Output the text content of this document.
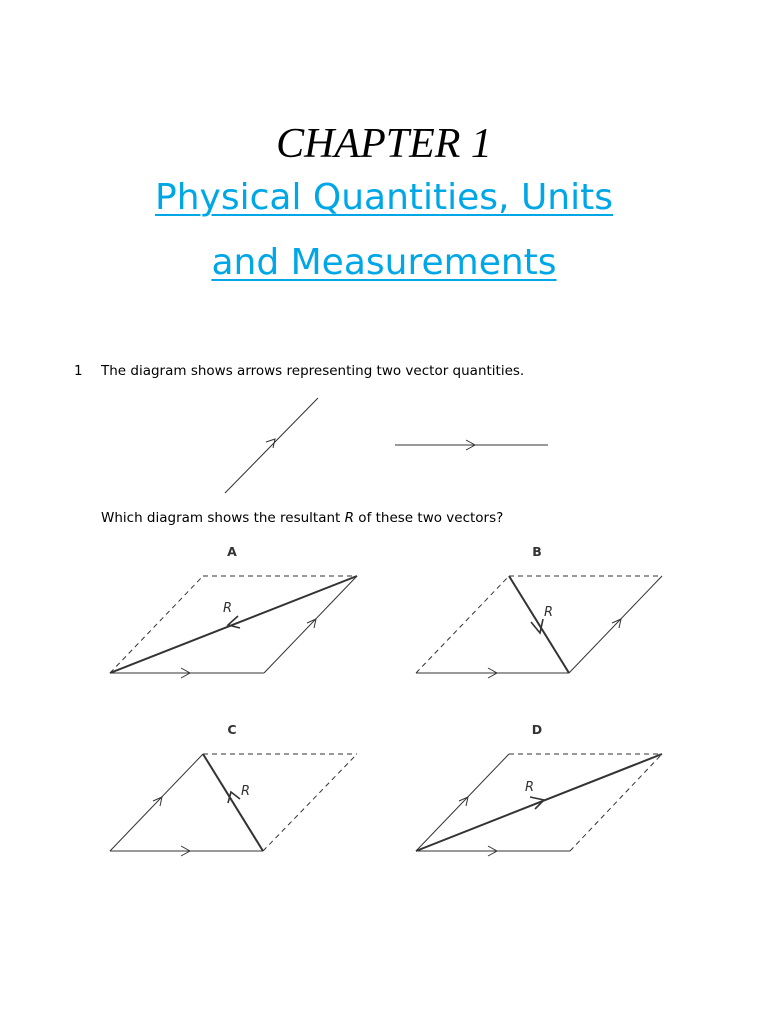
CHAPTER 1
Physical Quantities, Units
and Measurements
1 The diagram shows arrows representing two vector quantities.
Which diagram shows the resultant R of these two vectors?
A	B
C	D
R	R
R	R
